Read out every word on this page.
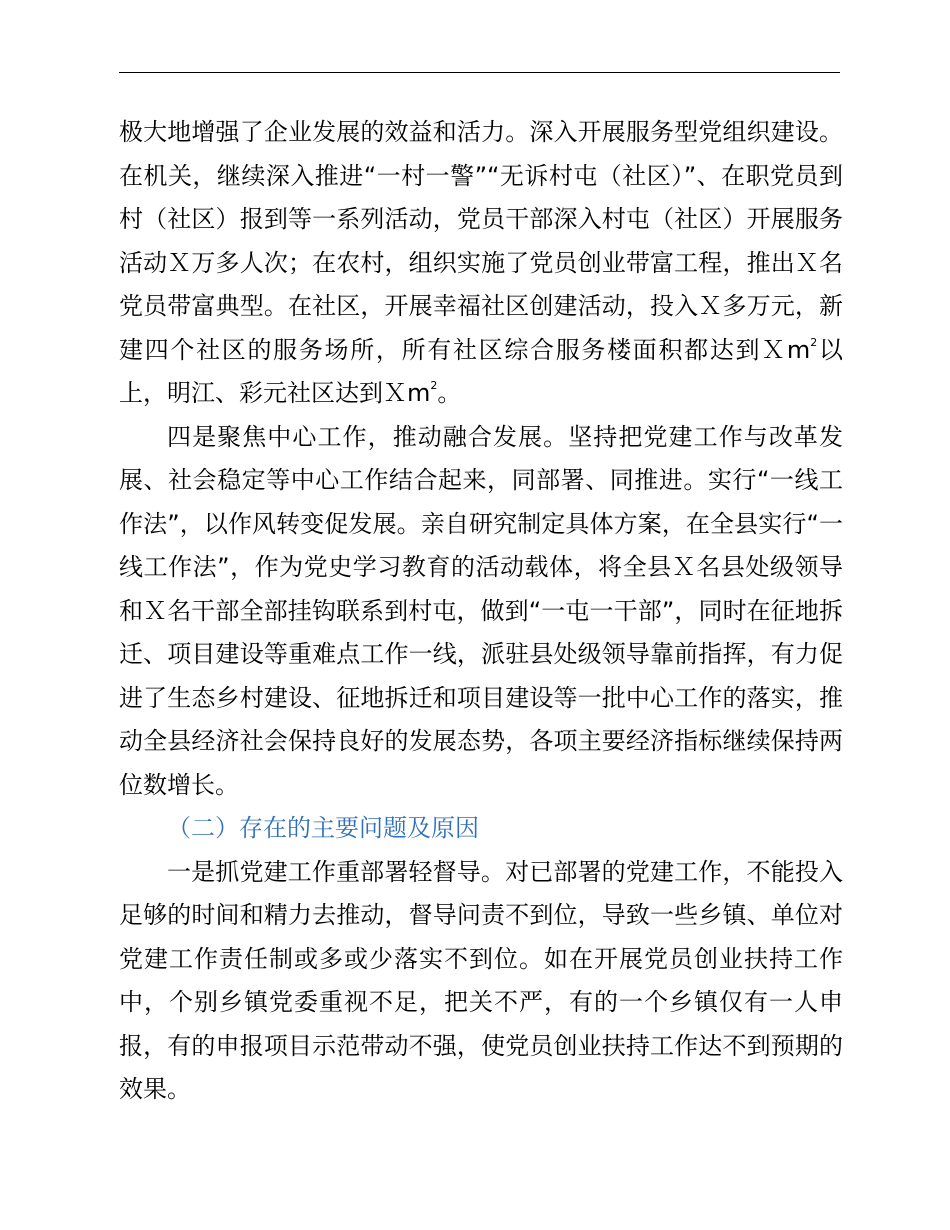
极大地增强了企业发展的效益和活力。深入开展服务型党组织建设。在机关，继续深入推进“一村一警”“无诉村屯（社区）”、在职党员到村（社区）报到等一系列活动，党员干部深入村屯（社区）开展服务活动Ｘ万多人次；在农村，组织实施了党员创业带富工程，推出Ｘ名党员带富典型。在社区，开展幸福社区创建活动，投入Ｘ多万元，新建四个社区的服务场所，所有社区综合服务楼面积都达到Ｘm$^2$以上，明江、彩元社区达到Ｘm$^2$。

四是聚焦中心工作，推动融合发展。坚持把党建工作与改革发展、社会稳定等中心工作结合起来，同部署、同推进。实行“一线工作法”，以作风转变促发展。亲自研究制定具体方案，在全县实行“一线工作法”，作为党史学习教育的活动载体，将全县Ｘ名县处级领导和Ｘ名干部全部挂钩联系到村屯，做到“一屯一干部”，同时在征地拆迁、项目建设等重难点工作一线，派驻县处级领导靠前指挥，有力促进了生态乡村建设、征地拆迁和项目建设等一批中心工作的落实，推动全县经济社会保持良好的发展态势，各项主要经济指标继续保持两位数增长。

（二）存在的主要问题及原因

一是抓党建工作重部署轻督导。对已部署的党建工作，不能投入足够的时间和精力去推动，督导问责不到位，导致一些乡镇、单位对党建工作责任制或多或少落实不到位。如在开展党员创业扶持工作中，个别乡镇党委重视不足，把关不严，有的一个乡镇仅有一人申报，有的申报项目示范带动不强，使党员创业扶持工作达不到预期的效果。
